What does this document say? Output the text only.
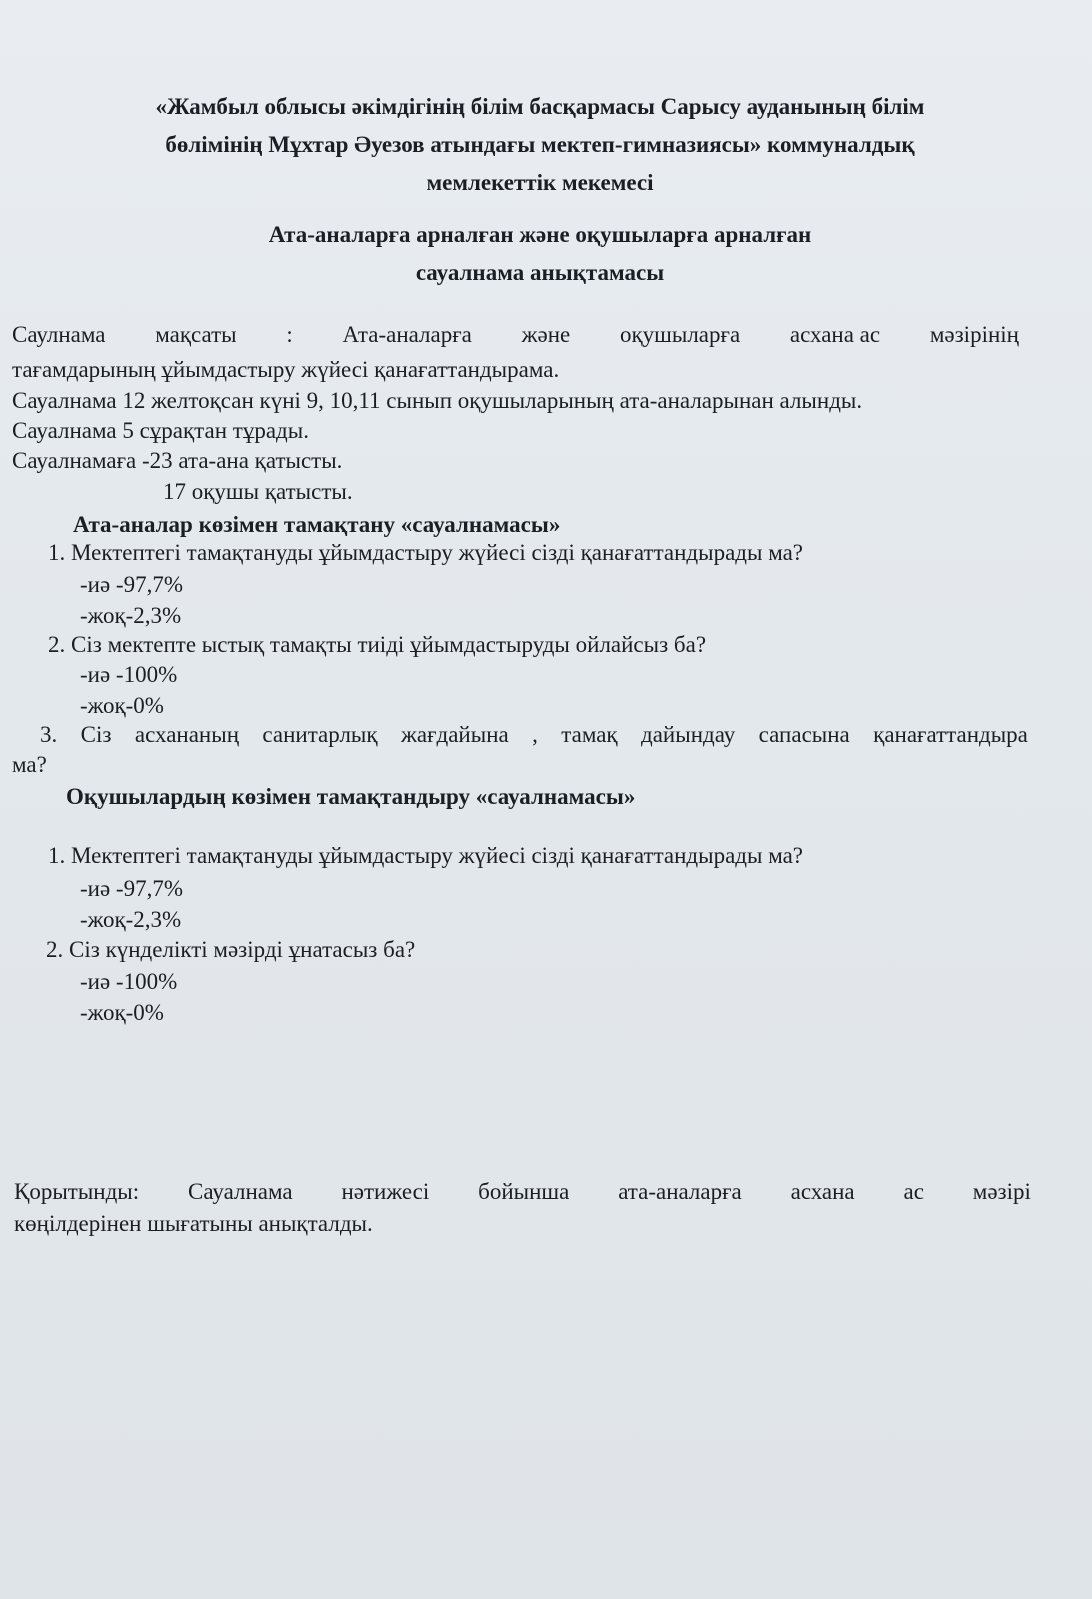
«Жамбыл облысы әкімдігінің білім басқармасы Сарысу ауданының білім
бөлімінің Мұхтар Әуезов атындағы мектеп-гимназиясы» коммуналдық
мемлекеттік мекемесі
Ата-аналарға арналған және оқушыларға арналған
сауалнама анықтамасы
Саулнама мақсаты : Ата-аналарға және оқушыларға асхана ас мәзірінің
тағамдарының ұйымдастыру жүйесі қанағаттандырама.
Сауалнама 12 желтоқсан күні 9, 10,11 сынып оқушыларының ата-аналарынан алынды.
Сауалнама 5 сұрақтан тұрады.
Сауалнамаға -23 ата-ана қатысты.
17 оқушы қатысты.
Ата-аналар көзімен тамақтану «сауалнамасы»
1. Мектептегі тамақтануды ұйымдастыру жүйесі сізді қанағаттандырады ма?
-иә -97,7%
-жоқ-2,3%
2. Сіз мектепте ыстық тамақты тиіді ұйымдастыруды ойлайсыз ба?
-иә -100%
-жоқ-0%
3. Сіз асхананың санитарлық жағдайына , тамақ дайындау сапасына қанағаттандыра
ма?
Оқушылардың көзімен тамақтандыру «сауалнамасы»
1. Мектептегі тамақтануды ұйымдастыру жүйесі сізді қанағаттандырады ма?
-иә -97,7%
-жоқ-2,3%
2. Сіз күнделікті мәзірді ұнатасыз ба?
-иә -100%
-жоқ-0%
Қорытынды: Сауалнама нәтижесі бойынша ата-аналарға асхана ас мәзірі
көңілдерінен шығатыны анықталды.
